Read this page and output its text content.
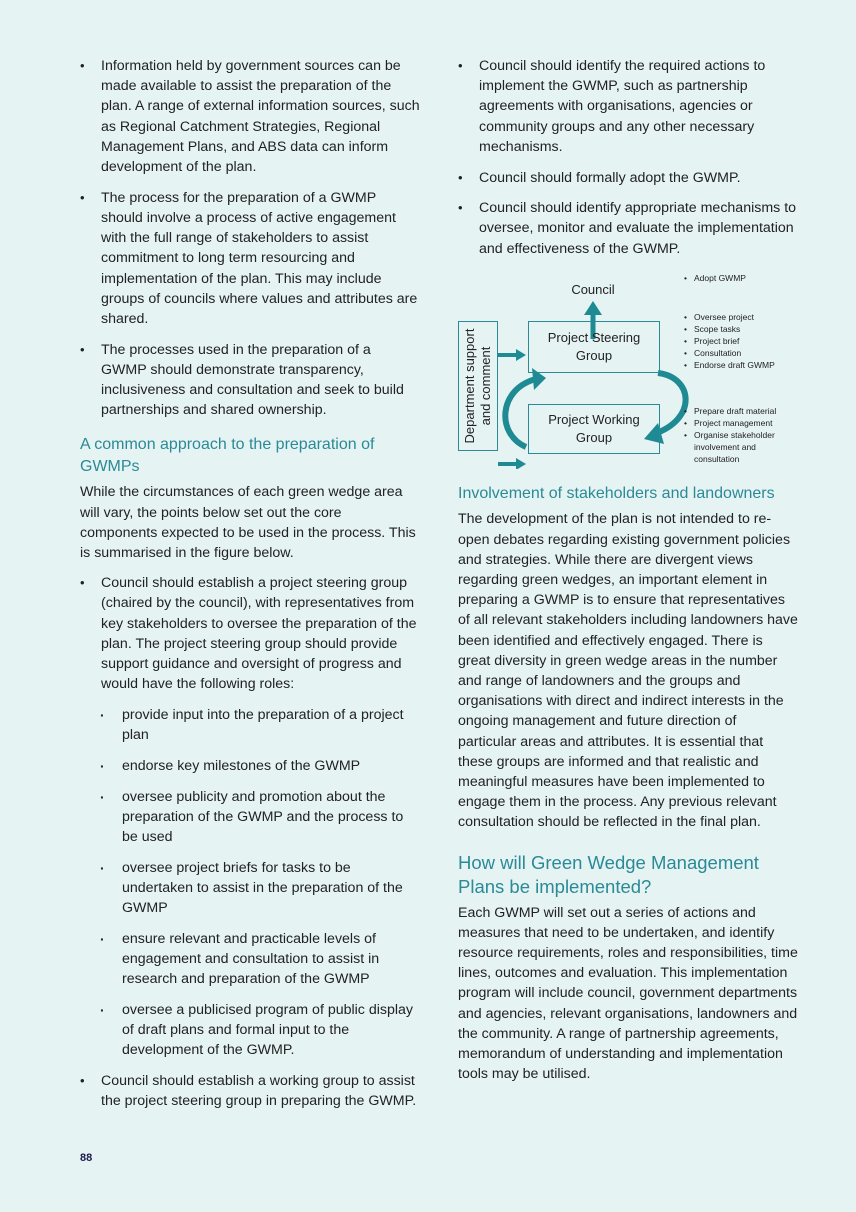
• Information held by government sources can be made available to assist the preparation of the plan. A range of external information sources, such as Regional Catchment Strategies, Regional Management Plans, and ABS data can inform development of the plan.
• The process for the preparation of a GWMP should involve a process of active engagement with the full range of stakeholders to assist commitment to long term resourcing and implementation of the plan. This may include groups of councils where values and attributes are shared.
• The processes used in the preparation of a GWMP should demonstrate transparency, inclusiveness and consultation and seek to build partnerships and shared ownership.
A common approach to the preparation of GWMPs

While the circumstances of each green wedge area will vary, the points below set out the core components expected to be used in the process. This is summarised in the figure below.

• Council should establish a project steering group (chaired by the council), with representatives from key stakeholders to oversee the preparation of the plan. The project steering group should provide support guidance and oversight of progress and would have the following roles:
· provide input into the preparation of a project plan
· endorse key milestones of the GWMP
· oversee publicity and promotion about the preparation of the GWMP and the process to be used
· oversee project briefs for tasks to be undertaken to assist in the preparation of the GWMP
· ensure relevant and practicable levels of engagement and consultation to assist in research and preparation of the GWMP
· oversee a publicised program of public display of draft plans and formal input to the development of the GWMP.
• Council should establish a working group to assist the project steering group in preparing the GWMP.
• Council should identify the required actions to implement the GWMP, such as partnership agreements with organisations, agencies or community groups and any other necessary mechanisms.
• Council should formally adopt the GWMP.
• Council should identify appropriate mechanisms to oversee, monitor and evaluate the implementation and effectiveness of the GWMP.
Council
Department support and comment
Project Steering Group
Project Working Group
• Adopt GWMP
• Oversee project
• Scope tasks
• Project brief
• Consultation
• Endorse draft GWMP
• Prepare draft material
• Project management
• Organise stakeholder involvement and consultation
Involvement of stakeholders and landowners

The development of the plan is not intended to re-open debates regarding existing government policies and strategies. While there are divergent views regarding green wedges, an important element in preparing a GWMP is to ensure that representatives of all relevant stakeholders including landowners have been identified and effectively engaged. There is great diversity in green wedge areas in the number and range of landowners and the groups and organisations with direct and indirect interests in the ongoing management and future direction of particular areas and attributes. It is essential that these groups are informed and that realistic and meaningful measures have been implemented to engage them in the process. Any previous relevant consultation should be reflected in the final plan.

How will Green Wedge Management Plans be implemented?

Each GWMP will set out a series of actions and measures that need to be undertaken, and identify resource requirements, roles and responsibilities, time lines, outcomes and evaluation. This implementation program will include council, government departments and agencies, relevant organisations, landowners and the community. A range of partnership agreements, memorandum of understanding and implementation tools may be utilised.

88
